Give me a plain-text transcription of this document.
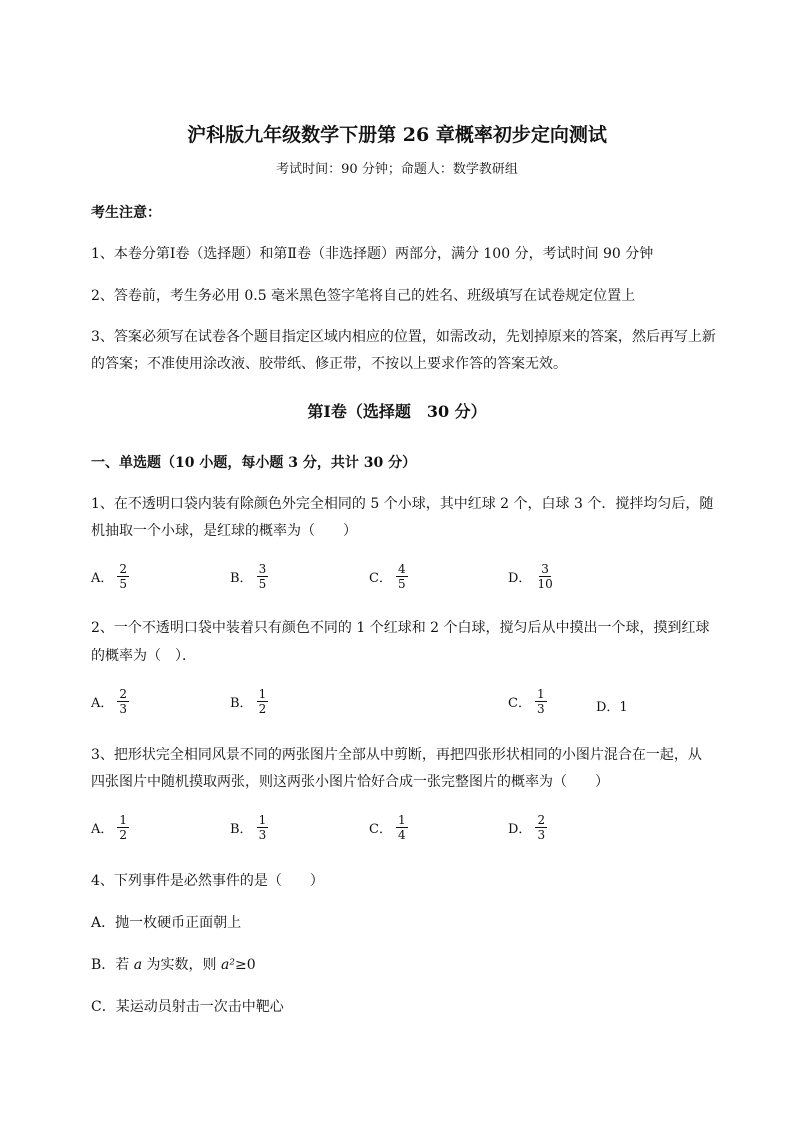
沪科版九年级数学下册第 26 章概率初步定向测试
考试时间：90 分钟；命题人：数学教研组
考生注意：
1、本卷分第Ⅰ卷（选择题）和第Ⅱ卷（非选择题）两部分，满分 100 分，考试时间 90 分钟
2、答卷前，考生务必用 0.5 毫米黑色签字笔将自己的姓名、班级填写在试卷规定位置上
3、答案必须写在试卷各个题目指定区域内相应的位置，如需改动，先划掉原来的答案，然后再写上新
的答案；不准使用涂改液、胶带纸、修正带，不按以上要求作答的答案无效。
第Ⅰ卷（选择题　30 分）
一、单选题（10 小题，每小题 3 分，共计 30 分）
1、在不透明口袋内装有除颜色外完全相同的 5 个小球，其中红球 2 个，白球 3 个．搅拌均匀后，随
机抽取一个小球，是红球的概率为（　　）
A． $\frac{2}{5}$	B． $\frac{3}{5}$	C． $\frac{4}{5}$	D． $\frac{3}{10}$
2、一个不透明口袋中装着只有颜色不同的 1 个红球和 2 个白球，搅匀后从中摸出一个球，摸到红球
的概率为（　）．
A． $\frac{2}{3}$	B． $\frac{1}{2}$	C． $\frac{1}{3}$	D．1
3、把形状完全相同风景不同的两张图片全部从中剪断，再把四张形状相同的小图片混合在一起，从
四张图片中随机摸取两张，则这两张小图片恰好合成一张完整图片的概率为（　　）
A． $\frac{1}{2}$	B． $\frac{1}{3}$	C． $\frac{1}{4}$	D． $\frac{2}{3}$
4、下列事件是必然事件的是（　　）
A．抛一枚硬币正面朝上
B．若 a 为实数，则 a²≥0
C．某运动员射击一次击中靶心
